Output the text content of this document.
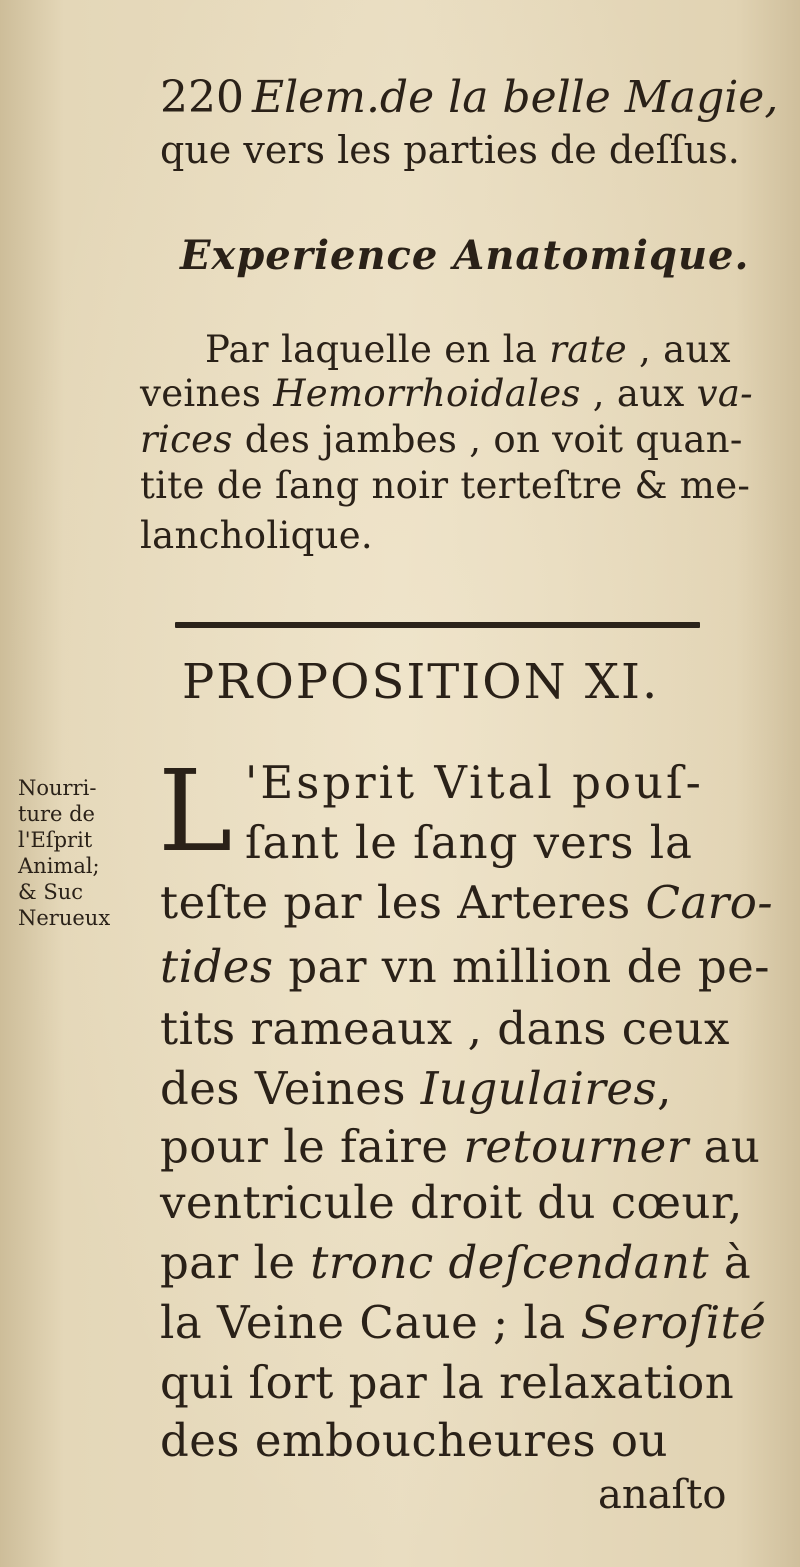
220 Elem.de la belle Magie,
que vers les parties de deſſus.
Experience Anatomique.
Par laquelle en la rate , aux
veines Hemorrhoidales , aux va-
rices des jambes , on voit quan-
tite de ſang noir terteſtre & me-
lancholique.
PROPOSITION XI.
Nourri-
ture de
l'Eſprit
Animal;
& Suc
Nerueux
L 'Esprit Vital pouſ-
ſant le ſang vers la
teſte par les Arteres Caro-
tides par vn million de pe-
tits rameaux , dans ceux
des Veines Iugulaires,
pour le faire retourner au
ventricule droit du cœur,
par le tronc deſcendant à
la Veine Caue ; la Seroſité
qui ſort par la relaxation
des emboucheures ou
anaſto
